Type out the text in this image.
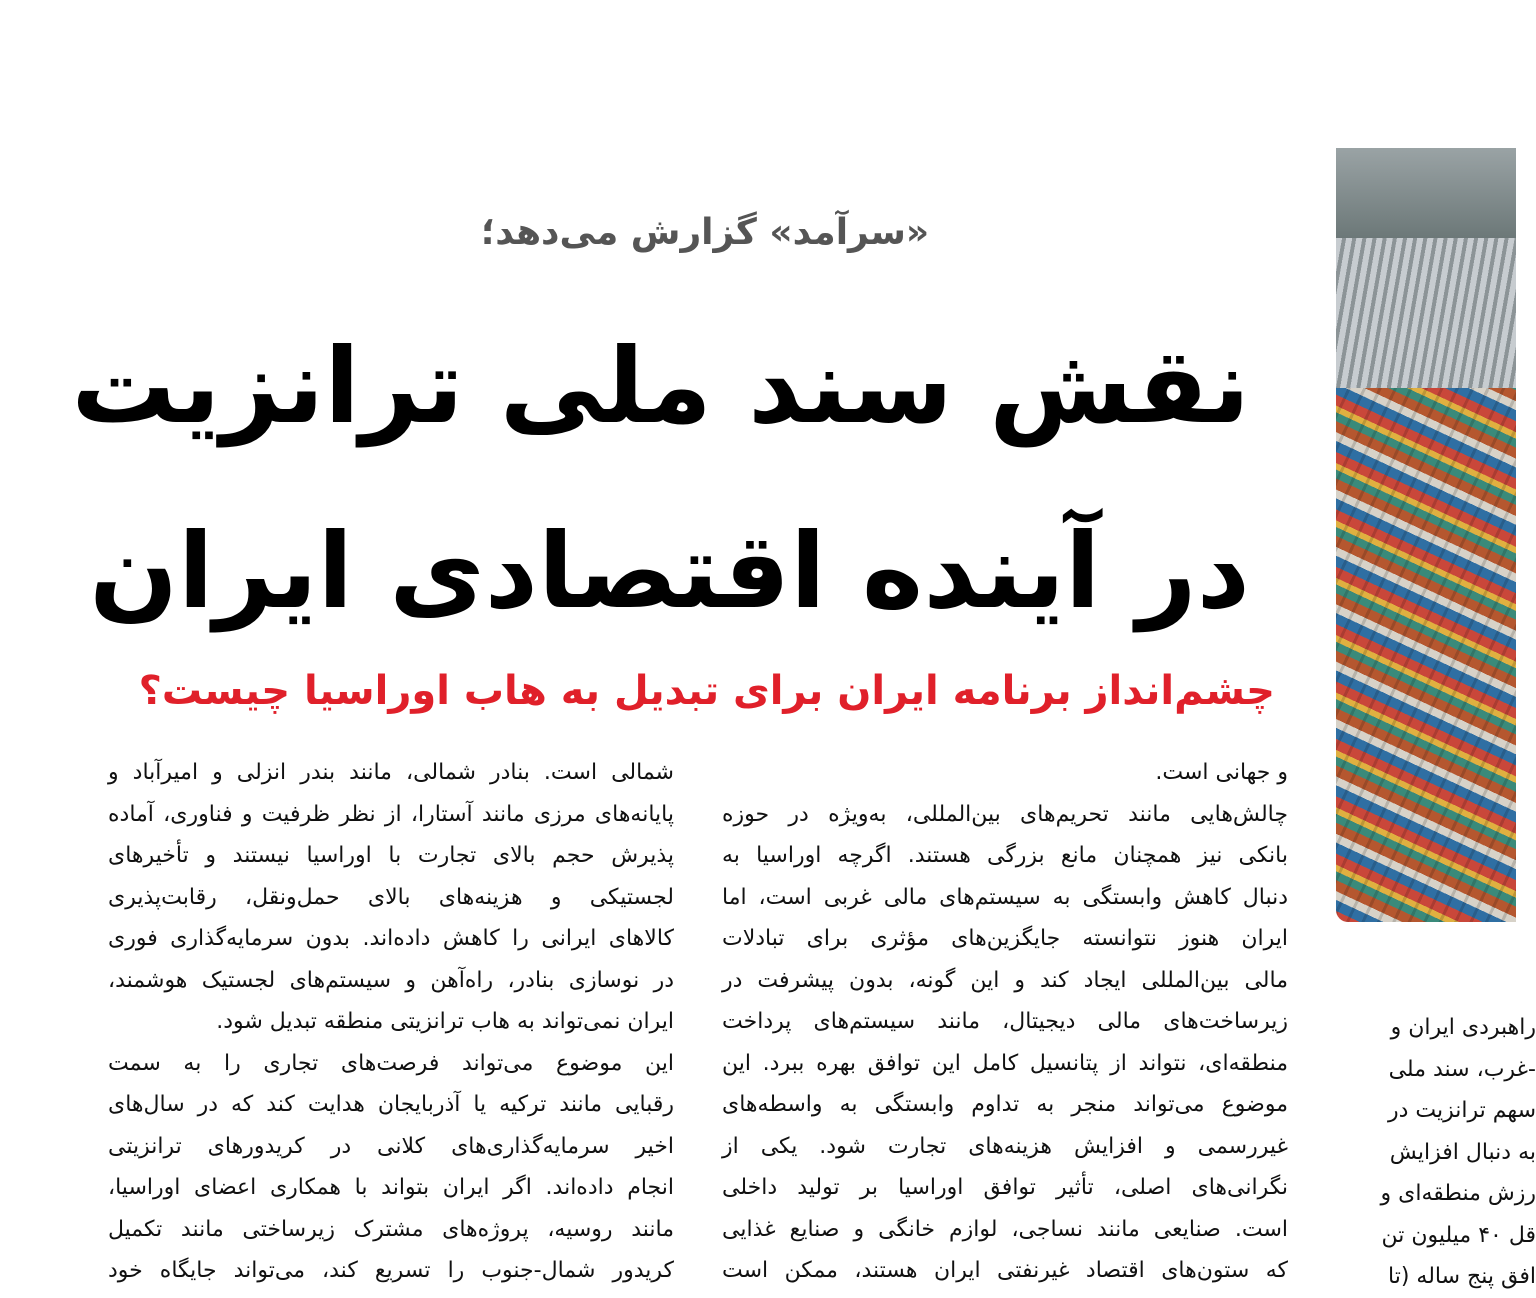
«سرآمد» گزارش می‌دهد؛
نقش سند ملی ترانزیت
در آینده اقتصادی ایران
چشم‌انداز برنامه ایران برای تبدیل به هاب اوراسیا چیست؟
و جهانی است.
چالش‌هایی مانند تحریم‌های بین‌المللی، به‌ویژه در حوزه
بانکی نیز همچنان مانع بزرگی هستند. اگرچه اوراسیا به
دنبال کاهش وابستگی به سیستم‌های مالی غربی است، اما
ایران هنوز نتوانسته جایگزین‌های مؤثری برای تبادلات
مالی بین‌المللی ایجاد کند و این گونه، بدون پیشرفت در
زیرساخت‌های مالی دیجیتال، مانند سیستم‌های پرداخت
منطقه‌ای، نتواند از پتانسیل کامل این توافق بهره ببرد. این
موضوع می‌تواند منجر به تداوم وابستگی به واسطه‌های
غیررسمی و افزایش هزینه‌های تجارت شود. یکی از
نگرانی‌های اصلی، تأثیر توافق اوراسیا بر تولید داخلی
است. صنایعی مانند نساجی، لوازم خانگی و صنایع غذایی
که ستون‌های اقتصاد غیرنفتی ایران هستند، ممکن است
شمالی است. بنادر شمالی، مانند بندر انزلی و امیرآباد و
پایانه‌های مرزی مانند آستارا، از نظر ظرفیت و فناوری، آماده
پذیرش حجم بالای تجارت با اوراسیا نیستند و تأخیرهای
لجستیکی و هزینه‌های بالای حمل‌ونقل، رقابت‌پذیری
کالاهای ایرانی را کاهش داده‌اند. بدون سرمایه‌گذاری فوری
در نوسازی بنادر، راه‌آهن و سیستم‌های لجستیک هوشمند،
ایران نمی‌تواند به هاب ترانزیتی منطقه تبدیل شود.
این موضوع می‌تواند فرصت‌های تجاری را به سمت
رقبایی مانند ترکیه یا آذربایجان هدایت کند که در سال‌های
اخیر سرمایه‌گذاری‌های کلانی در کریدورهای ترانزیتی
انجام داده‌اند. اگر ایران بتواند با همکاری اعضای اوراسیا،
مانند روسیه، پروژه‌های مشترک زیرساختی مانند تکمیل
کریدور شمال-جنوب را تسریع کند، می‌تواند جایگاه خود
راهبردی ایران و
-غرب، سند ملی
سهم ترانزیت در
به دنبال افزایش
رزش منطقه‌ای و
قل ۴۰ میلیون تن
افق پنج ساله (تا
